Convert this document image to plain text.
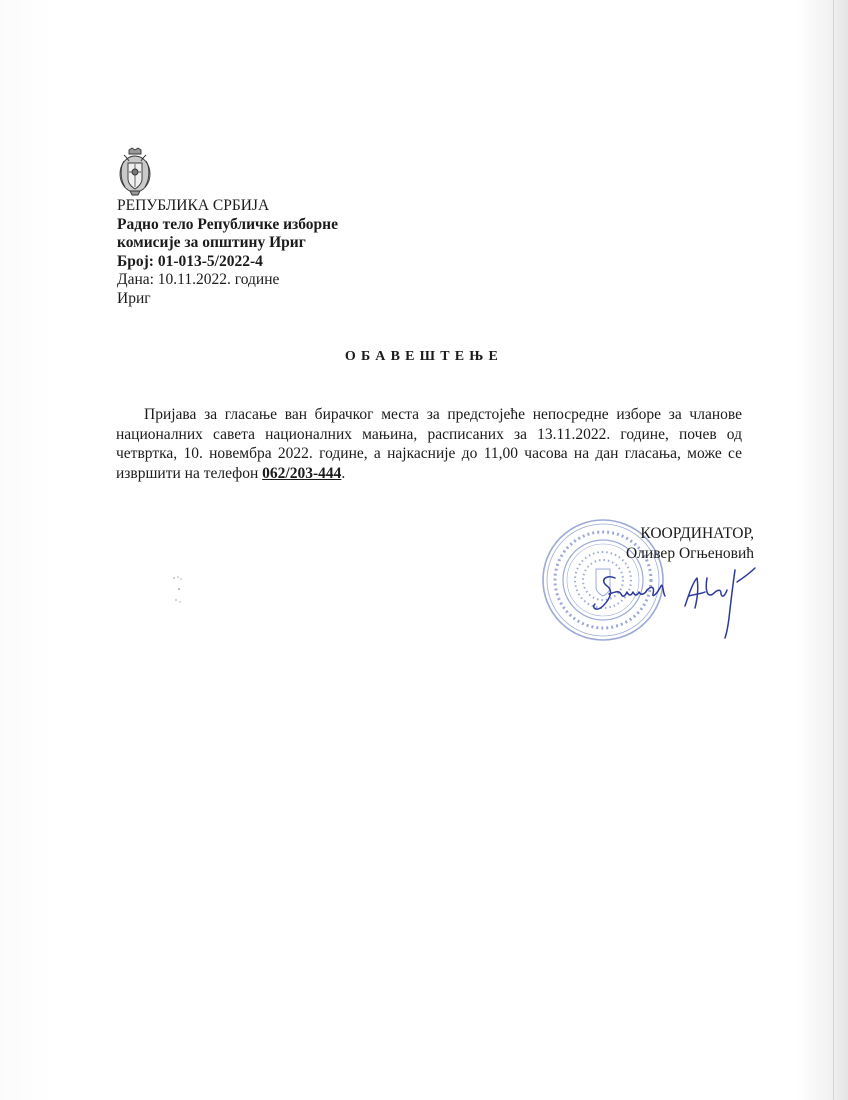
РЕПУБЛИКА СРБИЈА
Радно тело Републичке изборне
комисије за општину Ириг
Број: 01-013-5/2022-4
Дана: 10.11.2022. године
Ириг
ОБАВЕШТЕЊЕ
Пријава за гласање ван бирачког места за предстојеће непосредне изборе за чланове националних савета националних мањина, расписаних за 13.11.2022. године, почев од четвртка, 10. новембра 2022. године, а најкасније до 11,00 часова на дан гласања, може се извршити на телефон 062/203-444.
КООРДИНАТОР,
Оливер Огњеновић
